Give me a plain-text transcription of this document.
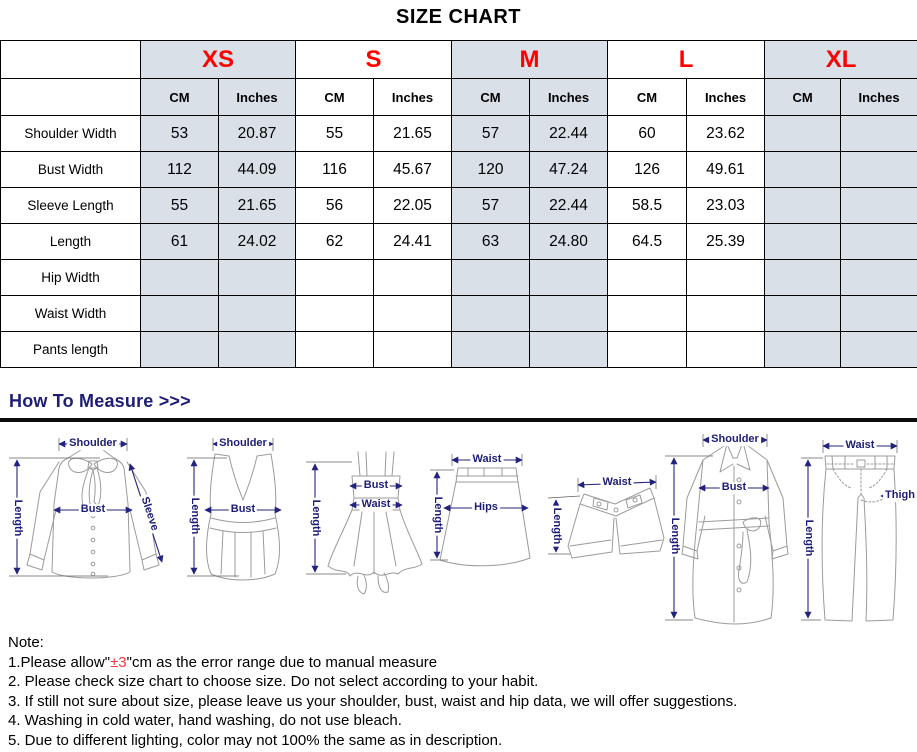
SIZE CHART
	XS		S		M		L		XL	
	CM	Inches	CM	Inches	CM	Inches	CM	Inches	CM	Inches
Shoulder Width	53	20.87	55	21.65	57	22.44	60	23.62		
Bust Width	112	44.09	116	45.67	120	47.24	126	49.61		
Sleeve Length	55	21.65	56	22.05	57	22.44	58.5	23.03		
Length	61	24.02	62	24.41	63	24.80	64.5	25.39		
Hip Width										
Waist Width										
Pants length										
How To Measure >>>
Shoulder
Length	Bust	Sleeve
Shoulder
Length	Bust
Bust
Waist
Length
Waist
Length	Hips
Waist
Length
Shoulder
Length
Bust
Waist
Length
Thigh
Note:
1.Please allow"±3"cm as the error range due to manual measure
2. Please check size chart to choose size. Do not select according to your habit.
3. If still not sure about size, please leave us your shoulder, bust, waist and hip data, we will offer suggestions.
4. Washing in cold water, hand washing, do not use bleach.
5. Due to different lighting, color may not 100% the same as in description.
